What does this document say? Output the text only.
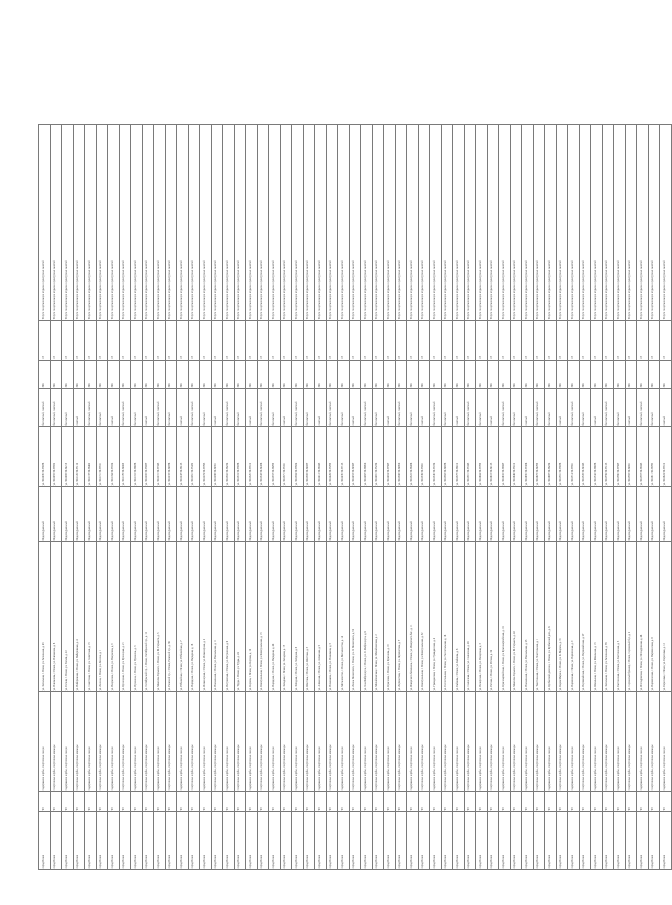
город Псков	ЧЗ	Содержание клубы, спортивные секции	ул. Запольная, г. Псков, ул. Запольная, д. 45	Индивидуальный	ул. 56.0039 56.35678	бесплатный, платный	300	1/3	Услуги по организации отдыха и культурных занятий
город Псков	ЧЗ	Спортивные клубы, спортивные команды	ул. Плеханова, г. Псков, ул. Плеханова, д. 8	Индивидуальный	ул. 56.0055 56.37852	бесплатный, платный	300	1/3	Услуги по организации отдыха и культурных занятий
город Псков	ЧЗ	Содержание клубы, спортивные секции	ул. Гоголя, г. Псков, ул. Гоголя, д. 22	Индивидуальный	ул. 56.0098 56.34219	бесплатный	300	1/3	Услуги по организации отдыха и культурных занятий
город Псков	ЧЗ	Спортивные клубы, спортивные команды	ул. Набережная, г. Псков, ул. Набережная, д. 4	Индивидуальный	ул. 56.0120 56.35110	платный	300	1/3	Услуги по организации отдыха и культурных занятий
город Псков	ЧЗ	Содержание клубы, спортивные секции	ул. Советская, г. Псков, ул. Советская, д. 15	Индивидуальный	ул. 56.0137 56.36402	бесплатный, платный	300	1/3	Услуги по организации отдыха и культурных занятий
город Псков	ЧЗ	Спортивные клубы, спортивные команды	ул. Ленина, г. Псков, ул. Ленина, д. 1	Индивидуальный	ул. 56.0151 56.37921	бесплатный	300	1/3	Услуги по организации отдыха и культурных занятий
город Псков	ЧЗ	Содержание клубы, спортивные секции	ул. Некрасова, г. Псков, ул. Некрасова, д. 9	Индивидуальный	ул. 56.0164 56.35554	платный	300	1/3	Услуги по организации отдыха и культурных занятий
город Псков	ЧЗ	Спортивные клубы, спортивные команды	ул. Кузнецкая, г. Псков, ул. Кузнецкая, д. 21	Индивидуальный	ул. 56.0178 56.34009	бесплатный, платный	300	1/3	Услуги по организации отдыха и культурных занятий
город Псков	ЧЗ	Содержание клубы, спортивные секции	ул. Пушкина, г. Псков, ул. Пушкина, д. 3	Индивидуальный	ул. 56.0192 56.36678	бесплатный	300	1/3	Услуги по организации отдыха и культурных занятий
город Псков	ЧЗ	Спортивные клубы, спортивные команды	ул. Октябрьский пр., г. Псков, Октябрьский пр., д. 12	Индивидуальный	ул. 56.0205 56.35987	платный	300	1/3	Услуги по организации отдыха и культурных занятий
город Псков	ЧЗ	Содержание клубы, спортивные секции	ул. Максима Горького, г. Псков, ул. М. Горького, д. 5	Индивидуальный	ул. 56.0219 56.37345	бесплатный, платный	300	1/3	Услуги по организации отдыха и культурных занятий
город Псков	ЧЗ	Спортивные клубы, спортивные команды	ул. Рижский пр., г. Псков, Рижский пр., д. 30	Индивидуальный	ул. 56.0233 56.34876	бесплатный	300	1/3	Услуги по организации отдыха и культурных занятий
город Псков	ЧЗ	Содержание клубы, спортивные секции	ул. Юбилейная, г. Псков, ул. Юбилейная, д. 7	Индивидуальный	ул. 56.0247 56.36123	платный	300	1/3	Услуги по организации отдыха и культурных занятий
город Псков	ЧЗ	Спортивные клубы, спортивные команды	ул. Народная, г. Псков, ул. Народная, д. 18	Индивидуальный	ул. 56.0261 56.35432	бесплатный, платный	300	1/3	Услуги по организации отдыха и культурных занятий
город Псков	ЧЗ	Содержание клубы, спортивные секции	ул. Инженерная, г. Псков, ул. Инженерная, д. 2	Индивидуальный	ул. 56.0274 56.37765	бесплатный	300	1/3	Услуги по организации отдыха и культурных занятий
город Псков	ЧЗ	Спортивные клубы, спортивные команды	ул. Вокзальная, г. Псков, ул. Вокзальная, д. 11	Индивидуальный	ул. 56.0288 56.34591	платный	300	1/3	Услуги по организации отдыха и культурных занятий
город Псков	ЧЗ	Содержание клубы, спортивные секции	ул. Петровская, г. Псков, ул. Петровская, д. 6	Индивидуальный	ул. 56.0302 56.36234	бесплатный, платный	300	1/3	Услуги по организации отдыха и культурных занятий
город Псков	ЧЗ	Спортивные клубы, спортивные команды	ул. Труда, г. Псков, ул. Труда, д. 24	Индивидуальный	ул. 56.0316 56.35678	бесплатный	300	1/3	Услуги по организации отдыха и культурных занятий
город Псков	ЧЗ	Содержание клубы, спортивные секции	ул. Кирова, г. Псков, ул. Кирова, д. 10	Индивидуальный	ул. 56.0329 56.37012	платный	300	1/3	Услуги по организации отдыха и культурных занятий
город Псков	ЧЗ	Спортивные клубы, спортивные команды	ул. Коммунальная, г. Псков, ул. Коммунальная, д. 13	Индивидуальный	ул. 56.0343 56.34456	бесплатный, платный	300	1/3	Услуги по организации отдыха и культурных занятий
город Псков	ЧЗ	Содержание клубы, спортивные секции	ул. Народная, г. Псков, ул. Народная, д. 40	Индивидуальный	ул. 56.0357 56.36789	бесплатный	300	1/3	Услуги по организации отдыха и культурных занятий
город Псков	ЧЗ	Спортивные клубы, спортивные команды	ул. Западная, г. Псков, ул. Западная, д. 17	Индивидуальный	ул. 56.0371 56.35321	платный	300	1/3	Услуги по организации отдыха и культурных занятий
город Псков	ЧЗ	Содержание клубы, спортивные секции	ул. Звёздная, г. Псков, ул. Звёздная, д. 8	Индивидуальный	ул. 56.0384 56.37654	бесплатный, платный	300	1/3	Услуги по организации отдыха и культурных занятий
город Псков	ЧЗ	Спортивные клубы, спортивные команды	ул. Шестака, г. Псков, ул. Шестака, д. 3	Индивидуальный	ул. 56.0398 56.34987	бесплатный	300	1/3	Услуги по организации отдыха и культурных занятий
город Псков	ЧЗ	Содержание клубы, спортивные секции	ул. Алмазная, г. Псков, ул. Алмазная, д. 9	Индивидуальный	ул. 56.0412 56.36345	платный	300	1/3	Услуги по организации отдыха и культурных занятий
город Псков	ЧЗ	Спортивные клубы, спортивные команды	ул. Николаева, г. Псков, ул. Николаева, д. 5	Индивидуальный	ул. 56.0426 56.35789	бесплатный, платный	300	1/3	Услуги по организации отдыха и культурных занятий
город Псков	ЧЗ	Содержание клубы, спортивные секции	ул. Металлистов, г. Псков, ул. Металлистов, д. 14	Индивидуальный	ул. 56.0439 56.37123	бесплатный	300	1/3	Услуги по организации отдыха и культурных занятий
город Псков	ЧЗ	Спортивные клубы, спортивные команды	ул. Леона Поземского, г. Псков, ул. Л. Поземского, д. 92	Индивидуальный	ул. 56.0453 56.34567	платный	300	1/3	Услуги по организации отдыха и культурных занятий
город Псков	ЧЗ	Содержание клубы, спортивные секции	ул. Яна Фабрициуса, г. Псков, ул. Я. Фабрициуса, д. 6	Индивидуальный	ул. 56.0467 56.36890	бесплатный, платный	300	1/3	Услуги по организации отдыха и культурных занятий
город Псков	ЧЗ	Спортивные клубы, спортивные команды	ул. Михайловская, г. Псков, ул. Михайловская, д. 2	Индивидуальный	ул. 56.0481 56.35234	бесплатный	300	1/3	Услуги по организации отдыха и культурных занятий
город Псков	ЧЗ	Содержание клубы, спортивные секции	ул. Краснова, г. Псков, ул. Краснова, д. 19	Индивидуальный	ул. 56.0494 56.37567	платный	300	1/3	Услуги по организации отдыха и культурных занятий
город Псков	ЧЗ	Спортивные клубы, спортивные команды	ул. Лермонтова, г. Псков, ул. Лермонтова, д. 7	Индивидуальный	ул. 56.0508 56.34890	бесплатный, платный	300	1/3	Услуги по организации отдыха и культурных занятий
город Псков	ЧЗ	Содержание клубы, спортивные секции	ул. Ижорского батальона, г. Псков, ул. Ижорского бат., д. 11	Индивидуальный	ул. 56.0522 56.36456	бесплатный	300	1/3	Услуги по организации отдыха и культурных занятий
город Псков	ЧЗ	Спортивные клубы, спортивные команды	ул. Коммунальная, г. Псков, ул. Коммунальная, д. 52	Индивидуальный	ул. 56.0536 56.35901	платный	300	1/3	Услуги по организации отдыха и культурных занятий
город Псков	ЧЗ	Содержание клубы, спортивные секции	ул. Гражданская, г. Псков, ул. Гражданская, д. 4	Индивидуальный	ул. 56.0549 56.37234	бесплатный, платный	300	1/3	Услуги по организации отдыха и культурных занятий
город Псков	ЧЗ	Спортивные клубы, спортивные команды	ул. Госпитальная, г. Псков, ул. Госпитальная, д. 16	Индивидуальный	ул. 56.0563 56.34678	бесплатный	300	1/3	Услуги по организации отдыха и культурных занятий
город Псков	ЧЗ	Содержание клубы, спортивные секции	ул. Байкова, г. Псков, ул. Байкова, д. 8	Индивидуальный	ул. 56.0577 56.36012	платный	300	1/3	Услуги по организации отдыха и культурных занятий
город Псков	ЧЗ	Спортивные клубы, спортивные команды	ул. Солнечная, г. Псков, ул. Солнечная, д. 20	Индивидуальный	ул. 56.0591 56.35345	бесплатный, платный	300	1/3	Услуги по организации отдыха и культурных занятий
город Псков	ЧЗ	Содержание клубы, спортивные секции	ул. Печорская, г. Псков, ул. Печорская, д. 3	Индивидуальный	ул. 56.0604 56.37789	бесплатный	300	1/3	Услуги по организации отдыха и культурных занятий
город Псков	ЧЗ	Спортивные клубы, спортивные команды	ул. Ротная, г. Псков, ул. Ротная, д. 34	Индивидуальный	ул. 56.0618 56.34123	платный	300	1/3	Услуги по организации отдыха и культурных занятий
город Псков	ЧЗ	Содержание клубы, спортивные секции	ул. Красноармейская, г. Псков, ул. Красноармейская, д. 10	Индивидуальный	ул. 56.0632 56.36567	бесплатный, платный	300	1/3	Услуги по организации отдыха и культурных занятий
город Псков	ЧЗ	Спортивные клубы, спортивные команды	ул. Максима Горького, г. Псков, ул. М. Горького, д. 42	Индивидуальный	ул. 56.0646 56.35012	бесплатный	300	1/3	Услуги по организации отдыха и культурных занятий
город Псков	ЧЗ	Содержание клубы, спортивные секции	ул. Вокзальная, г. Псков, ул. Вокзальная, д. 25	Индивидуальный	ул. 56.0659 56.37456	платный	300	1/3	Услуги по организации отдыха и культурных занятий
город Псков	ЧЗ	Спортивные клубы, спортивные команды	ул. Текстильная, г. Псков, ул. Текстильная, д. 1	Индивидуальный	ул. 56.0673 56.34789	бесплатный, платный	300	1/3	Услуги по организации отдыха и культурных занятий
город Псков	ЧЗ	Содержание клубы, спортивные секции	ул. Кузбасской дивизии, г. Псков, ул. Кузбасской див., д. 6	Индивидуальный	ул. 56.0687 56.36234	бесплатный	300	1/3	Услуги по организации отдыха и культурных занятий
город Псков	ЧЗ	Спортивные клубы, спортивные команды	ул. Карла Маркса, г. Псков, ул. К. Маркса, д. 31	Индивидуальный	ул. 56.0701 56.35678	платный	300	1/3	Услуги по организации отдыха и культурных занятий
город Псков	ЧЗ	Содержание клубы, спортивные секции	ул. Паровозная, г. Псков, ул. Паровозная, д. 9	Индивидуальный	ул. 56.0714 56.37901	бесплатный, платный	300	1/3	Услуги по организации отдыха и культурных занятий
город Псков	ЧЗ	Спортивные клубы, спортивные команды	ул. Первомайская, г. Псков, ул. Первомайская, д. 27	Индивидуальный	ул. 56.0728 56.34345	бесплатный	300	1/3	Услуги по организации отдыха и культурных занятий
город Псков	ЧЗ	Содержание клубы, спортивные секции	ул. Школьная, г. Псков, ул. Школьная, д. 13	Индивидуальный	ул. 56.0742 56.36678	платный	300	1/3	Услуги по организации отдыха и культурных занятий
город Псков	ЧЗ	Спортивные клубы, спортивные команды	ул. Запольная, г. Псков, ул. Запольная, д. 70	Индивидуальный	ул. 56.0756 56.35123	бесплатный, платный	300	1/3	Услуги по организации отдыха и культурных занятий
город Псков	ЧЗ	Содержание клубы, спортивные секции	ул. Бастионная, г. Псков, ул. Бастионная, д. 5	Индивидуальный	ул. 56.0769 56.37567	бесплатный	300	1/3	Услуги по организации отдыха и культурных занятий
город Псков	ЧЗ	Спортивные клубы, спортивные команды	ул. Сиреневый бульвар, г. Псков, Сиреневый б-р, д. 2	Индивидуальный	ул. 56.0783 56.34901	платный	300	1/3	Услуги по организации отдыха и культурных занятий
город Псков	ЧЗ	Содержание клубы, спортивные секции	ул. Ипподромная, г. Псков, ул. Ипподромная, д. 46	Индивидуальный	ул. 56.0797 56.36345	бесплатный, платный	300	1/3	Услуги по организации отдыха и культурных занятий
город Псков	ЧЗ	Спортивные клубы, спортивные команды	ул. Пароменская, г. Псков, ул. Пароменская, д. 8	Индивидуальный	ул. 56.0811 56.35789	бесплатный	300	1/3	Услуги по организации отдыха и культурных занятий
город Псков	ЧЗ	Содержание клубы, спортивные секции	ул. Береговая, г. Псков, ул. Береговая, д. 12	Индивидуальный	ул. 56.0824 56.37012	платный	300	1/3	Услуги по организации отдыха и культурных занятий
